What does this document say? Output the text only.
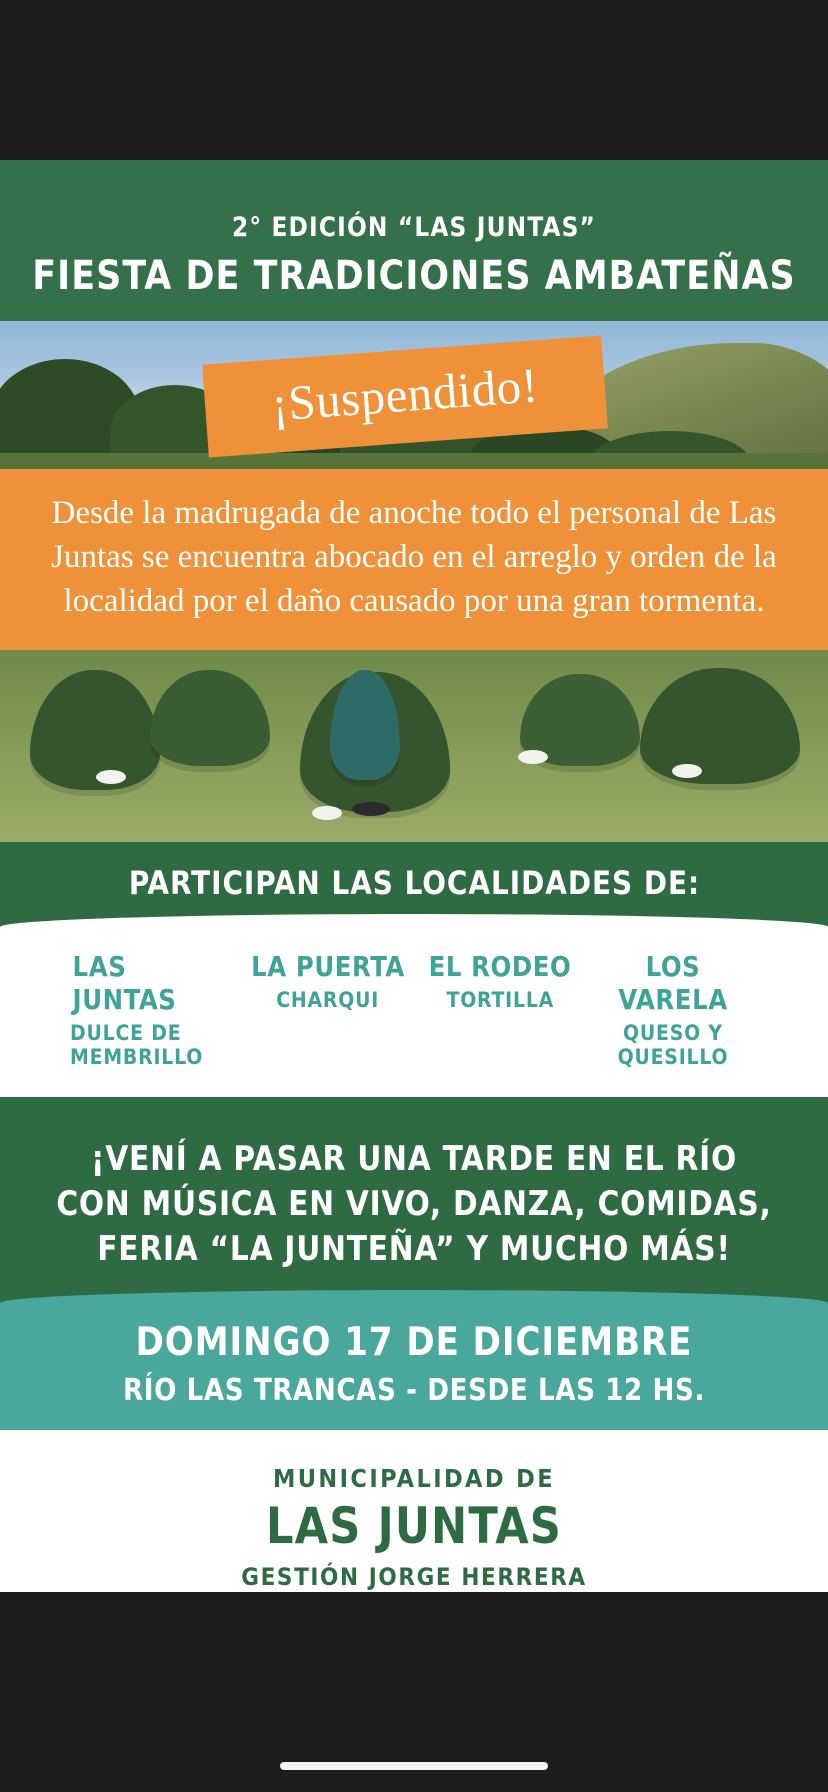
2° EDICIÓN “LAS JUNTAS”
FIESTA DE TRADICIONES AMBATEÑAS
¡Suspendido!
Desde la madrugada de anoche todo el personal de Las Juntas se encuentra abocado en el arreglo y orden de la localidad por el daño causado por una gran tormenta.
PARTICIPAN LAS LOCALIDADES DE:
LAS JUNTAS
DULCE DE MEMBRILLO
LA PUERTA
CHARQUI
EL RODEO
TORTILLA
LOS VARELA
QUESO Y QUESILLO
¡VENÍ A PASAR UNA TARDE EN EL RÍO
CON MÚSICA EN VIVO, DANZA, COMIDAS,
FERIA “LA JUNTEÑA” Y MUCHO MÁS!
DOMINGO 17 DE DICIEMBRE
RÍO LAS TRANCAS - DESDE LAS 12 HS.
MUNICIPALIDAD DE
LAS JUNTAS
GESTIÓN JORGE HERRERA
